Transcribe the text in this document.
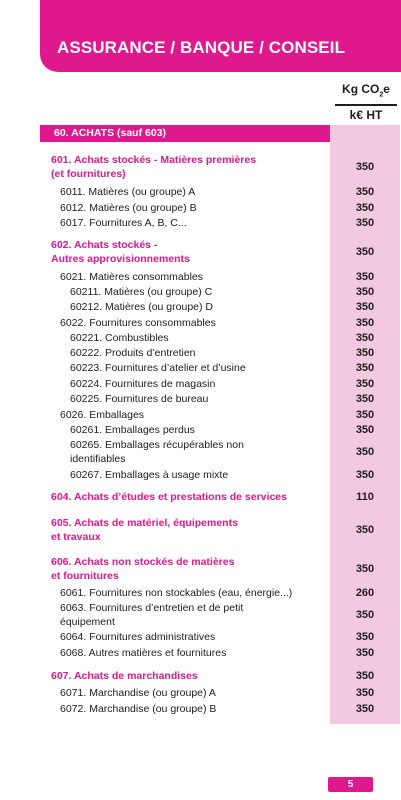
ASSURANCE / BANQUE / CONSEIL
Kg $CO_2e$
k€ HT
60. ACHATS (sauf 603)
601. Achats stockés - Matières premières
(et fournitures)
350
6011. Matières (ou groupe) A	350
6012. Matières (ou groupe) B	350
6017. Fournitures A, B, C...	350
602. Achats stockés -
Autres approvisionnements
350
6021. Matières consommables	350
60211. Matières (ou groupe) C	350
60212. Matières (ou groupe) D	350
6022. Fournitures consommables	350
60221. Combustibles	350
60222. Produits d’entretien	350
60223. Fournitures d’atelier et d’usine	350
60224. Fournitures de magasin	350
60225. Fournitures de bureau	350
6026. Emballages	350
60261. Emballages perdus	350
60265. Emballages récupérables non
identifiables
350
60267. Emballages à usage mixte	350
604. Achats d’études et prestations de services	110
605. Achats de matériel, équipements
et travaux
350
606. Achats non stockés de matières
et fournitures
350
6061. Fournitures non stockables (eau, énergie...)	260
6063. Fournitures d’entretien et de petit
équipement
350
6064. Fournitures administratives	350
6068. Autres matières et fournitures	350
607. Achats de marchandises	350
6071. Marchandise (ou groupe) A	350
6072. Marchandise (ou groupe) B	350
5
